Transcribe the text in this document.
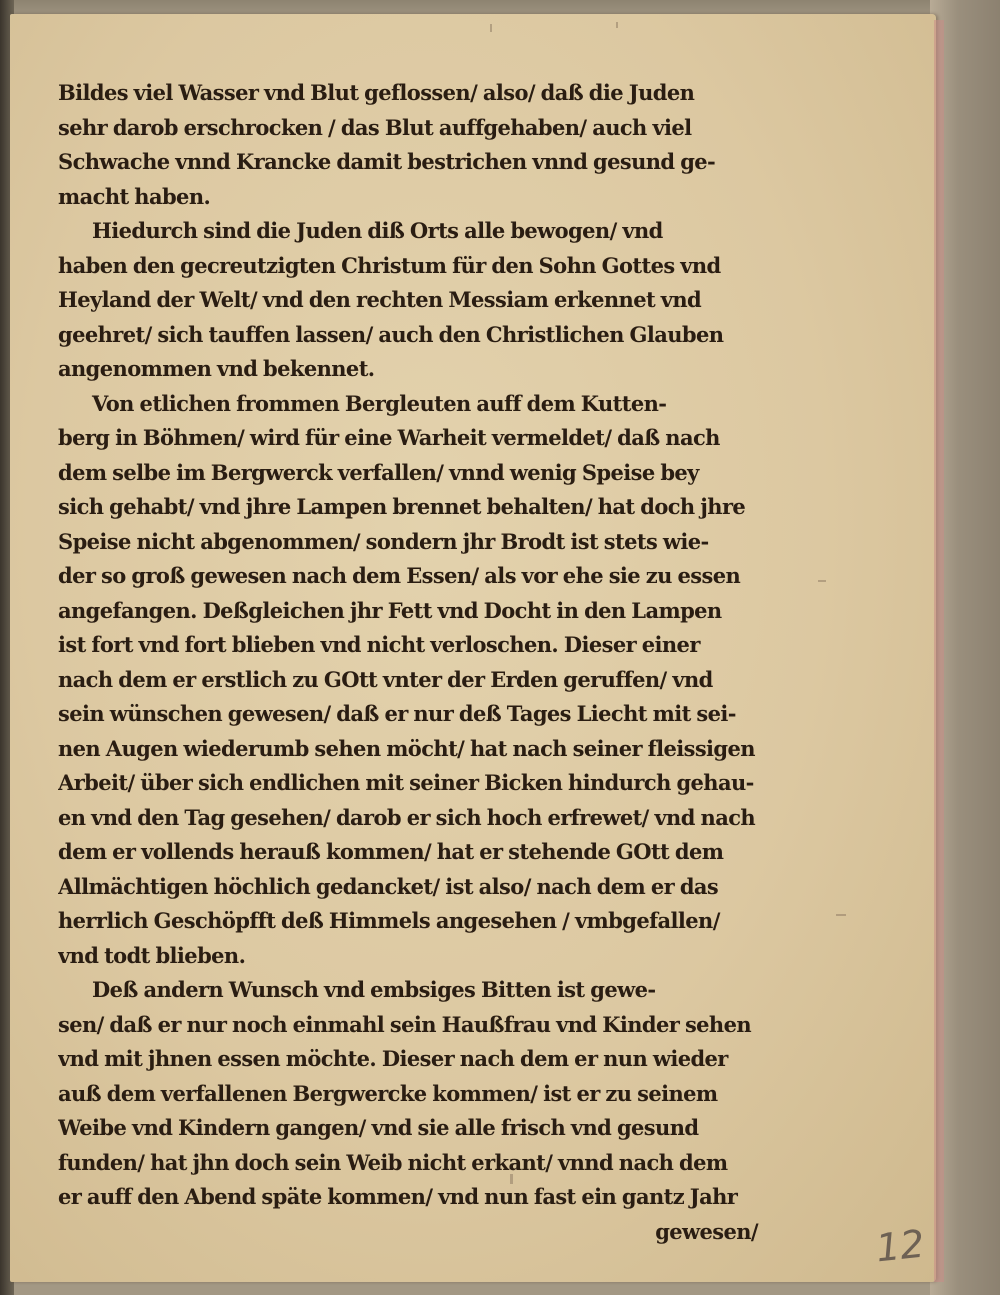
Bildes viel Wasser vnd Blut geflossen/ also/ daß die Juden
sehr darob erschrocken / das Blut auffgehaben/ auch viel
Schwache vnnd Krancke damit bestrichen vnnd gesund ge-
macht haben.
Hiedurch sind die Juden diß Orts alle bewogen/ vnd
haben den gecreutzigten Christum für den Sohn Gottes vnd
Heyland der Welt/ vnd den rechten Messiam erkennet vnd
geehret/ sich tauffen lassen/ auch den Christlichen Glauben
angenommen vnd bekennet.
Von etlichen frommen Bergleuten auff dem Kutten-
berg in Böhmen/ wird für eine Warheit vermeldet/ daß nach
dem selbe im Bergwerck verfallen/ vnnd wenig Speise bey
sich gehabt/ vnd jhre Lampen brennet behalten/ hat doch jhre
Speise nicht abgenommen/ sondern jhr Brodt ist stets wie-
der so groß gewesen nach dem Essen/ als vor ehe sie zu essen
angefangen. Deßgleichen jhr Fett vnd Docht in den Lampen
ist fort vnd fort blieben vnd nicht verloschen. Dieser einer
nach dem er erstlich zu GOtt vnter der Erden geruffen/ vnd
sein wünschen gewesen/ daß er nur deß Tages Liecht mit sei-
nen Augen wiederumb sehen möcht/ hat nach seiner fleissigen
Arbeit/ über sich endlichen mit seiner Bicken hindurch gehau-
en vnd den Tag gesehen/ darob er sich hoch erfrewet/ vnd nach
dem er vollends herauß kommen/ hat er stehende GOtt dem
Allmächtigen höchlich gedancket/ ist also/ nach dem er das
herrlich Geschöpfft deß Himmels angesehen / vmbgefallen/
vnd todt blieben.
Deß andern Wunsch vnd embsiges Bitten ist gewe-
sen/ daß er nur noch einmahl sein Haußfrau vnd Kinder sehen
vnd mit jhnen essen möchte. Dieser nach dem er nun wieder
auß dem verfallenen Bergwercke kommen/ ist er zu seinem
Weibe vnd Kindern gangen/ vnd sie alle frisch vnd gesund
funden/ hat jhn doch sein Weib nicht erkant/ vnnd nach dem
er auff den Abend späte kommen/ vnd nun fast ein gantz Jahr
gewesen/	12
